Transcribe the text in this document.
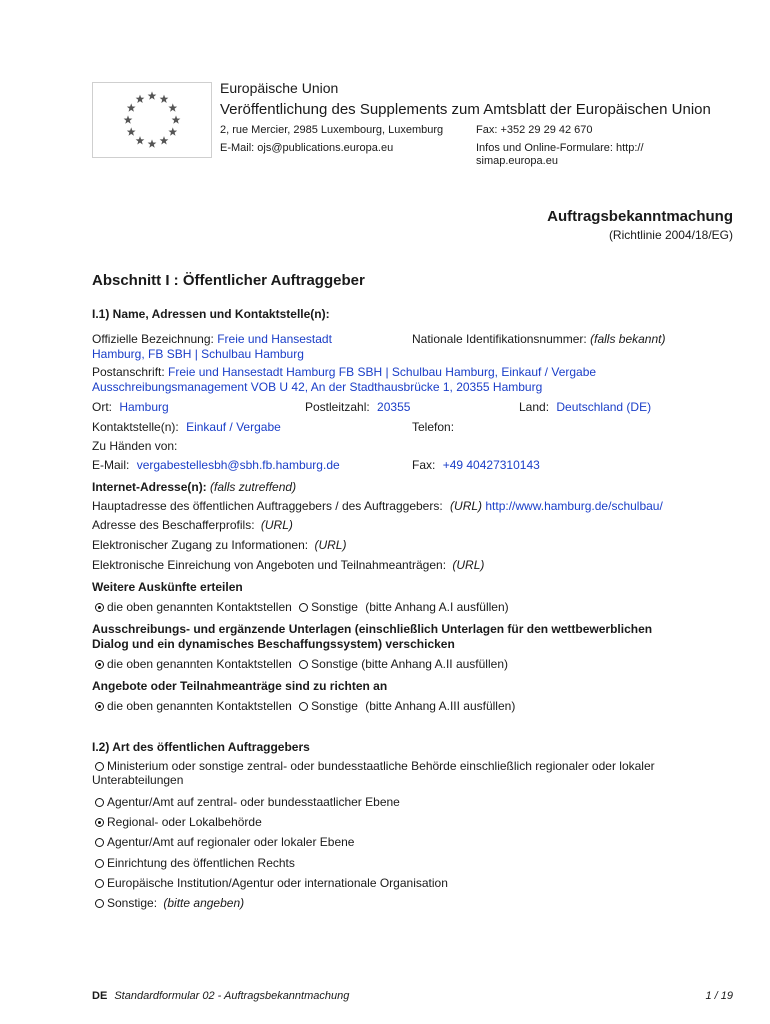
Europäische Union
Veröffentlichung des Supplements zum Amtsblatt der Europäischen Union
2, rue Mercier, 2985 Luxembourg, Luxemburg	Fax: +352 29 29 42 670
E-Mail: ojs@publications.europa.eu	Infos und Online-Formulare: http://
simap.europa.eu
Auftragsbekanntmachung
(Richtlinie 2004/18/EG)
Abschnitt I : Öffentlicher Auftraggeber
I.1) Name, Adressen und Kontaktstelle(n):
Offizielle Bezeichnung: Freie und Hansestadt
Hamburg, FB SBH | Schulbau Hamburg
Nationale Identifikationsnummer: (falls bekannt)
Postanschrift: Freie und Hansestadt Hamburg FB SBH | Schulbau Hamburg, Einkauf / Vergabe
Ausschreibungsmanagement VOB U 42, An der Stadthausbrücke 1, 20355 Hamburg
Ort: Hamburg	Postleitzahl: 20355	Land: Deutschland (DE)
Kontaktstelle(n): Einkauf / Vergabe	Telefon:
Zu Händen von:
E-Mail: vergabestellesbh@sbh.fb.hamburg.de	Fax: +49 40427310143
Internet-Adresse(n): (falls zutreffend)
Hauptadresse des öffentlichen Auftraggebers / des Auftraggebers: (URL) http://www.hamburg.de/schulbau/
Adresse des Beschafferprofils: (URL)
Elektronischer Zugang zu Informationen: (URL)
Elektronische Einreichung von Angeboten und Teilnahmeanträgen: (URL)
Weitere Auskünfte erteilen
die oben genannten Kontaktstellen Sonstige (bitte Anhang A.I ausfüllen)
Ausschreibungs- und ergänzende Unterlagen (einschließlich Unterlagen für den wettbewerblichen
Dialog und ein dynamisches Beschaffungssystem) verschicken
die oben genannten Kontaktstellen Sonstige (bitte Anhang A.II ausfüllen)
Angebote oder Teilnahmeanträge sind zu richten an
die oben genannten Kontaktstellen Sonstige (bitte Anhang A.III ausfüllen)
I.2) Art des öffentlichen Auftraggebers
Ministerium oder sonstige zentral- oder bundesstaatliche Behörde einschließlich regionaler oder lokaler
Unterabteilungen
Agentur/Amt auf zentral- oder bundesstaatlicher Ebene
Regional- oder Lokalbehörde
Agentur/Amt auf regionaler oder lokaler Ebene
Einrichtung des öffentlichen Rechts
Europäische Institution/Agentur oder internationale Organisation
Sonstige: (bitte angeben)
DE Standardformular 02 - Auftragsbekanntmachung	1 / 19
